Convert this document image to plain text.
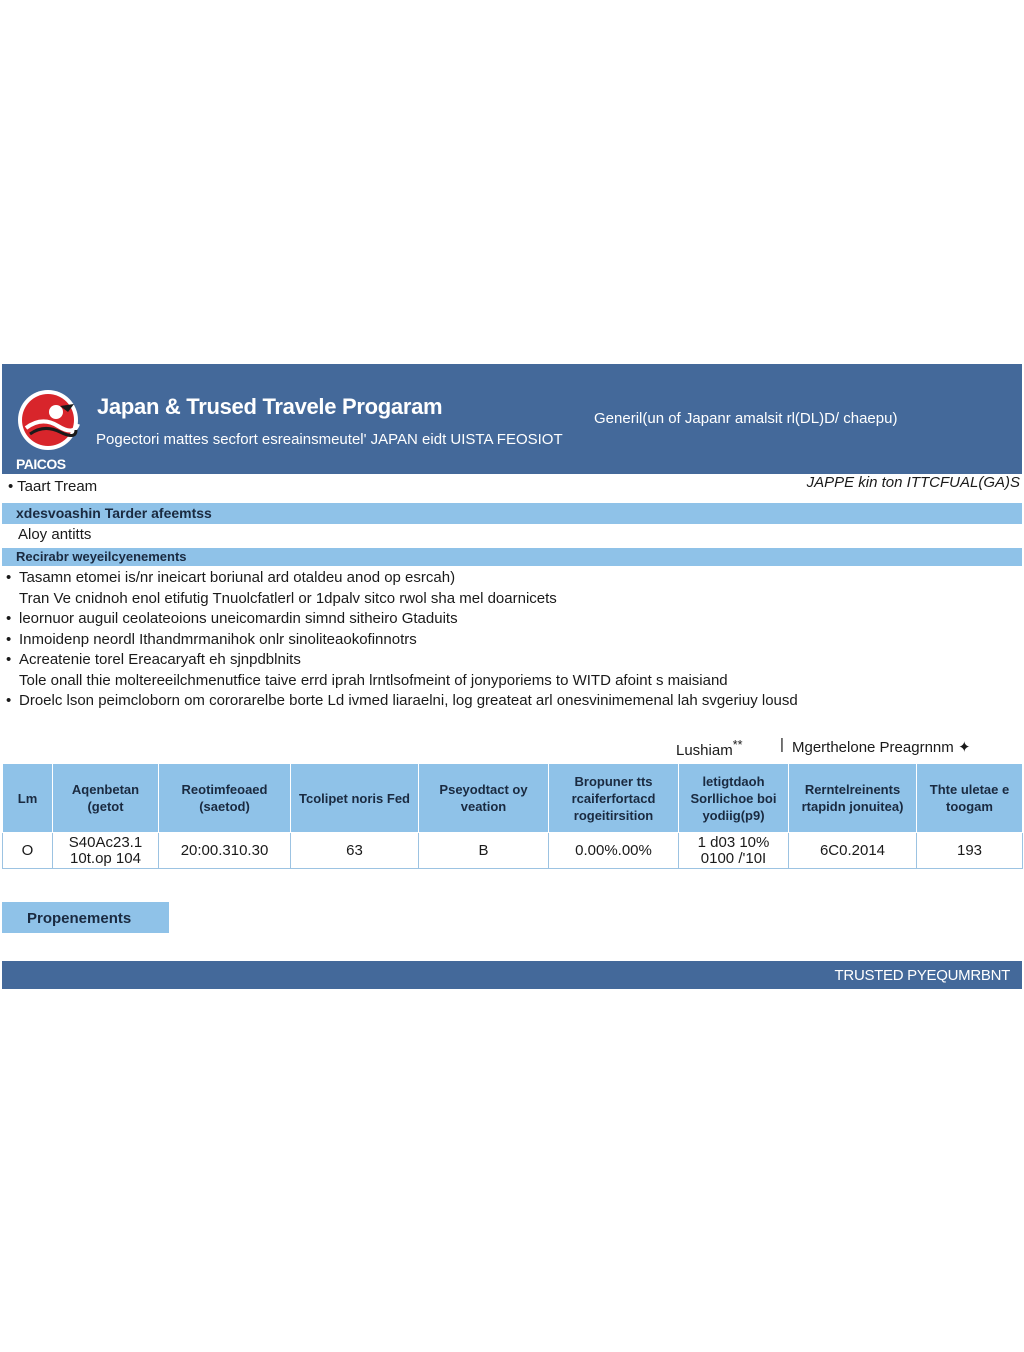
PAICOS
Japan & Trused Travele Progaram	Generil(un of Japanr amalsit rl(DL)D/ chaepu)
Pogectori mattes secfort esreainsmeutel' JAPAN eidt UISTA FEOSIOT
• Taart Tream	JAPPE kin ton ITTCFUAL(GA)S
xdesvoashin Tarder afeemtss
Aloy antitts
Recirabr weyeilcyenements
• Tasamn etomei is/nr ineicart boriunal ard otaldeu anod op esrcah)
Tran Ve cnidnoh enol etifutig Tnuolcfatlerl or 1dpalv sitco rwol sha mel doarnicets
• leornuor auguil ceolateoions uneicomardin simnd sitheiro Gtaduits
• Inmoidenp neordl Ithandmrmanihok onlr sinoliteaokofinnotrs
• Acreatenie torel Ereacaryaft eh sjnpdblnits
Tole onall thie moltereeilchmenutfice taive errd iprah lrntlsofmeint of jonyporiems to WITD afoint s maisiand
• Droelc lson peimcloborn om cororarelbe borte Ld ivmed liaraelni, log greateat arl onesvinimemenal lah svgeriuy lousd
Lushiam**	| Mgerthelone Preagrnnm ✦
Lm	Aqenbetan (getot	Reotimfeoaed (saetod)	Tcolipet noris Fed	Pseyodtact oy veation	Bropuner tts rcaiferfortacd rogeitirsition	letigtdaoh Sorllichoe boi yodiig(p9)	Rerntelreinents rtapidn jonuitea)	Thte uletae e toogam
O	S40Ac23.1 10t.op 104	20:00.310.30	63	B	0.00%.00%	1 d03 10%
0100 /'10I	6C0.2014	193
Propenements
TRUSTED PYEQUMRBNT
